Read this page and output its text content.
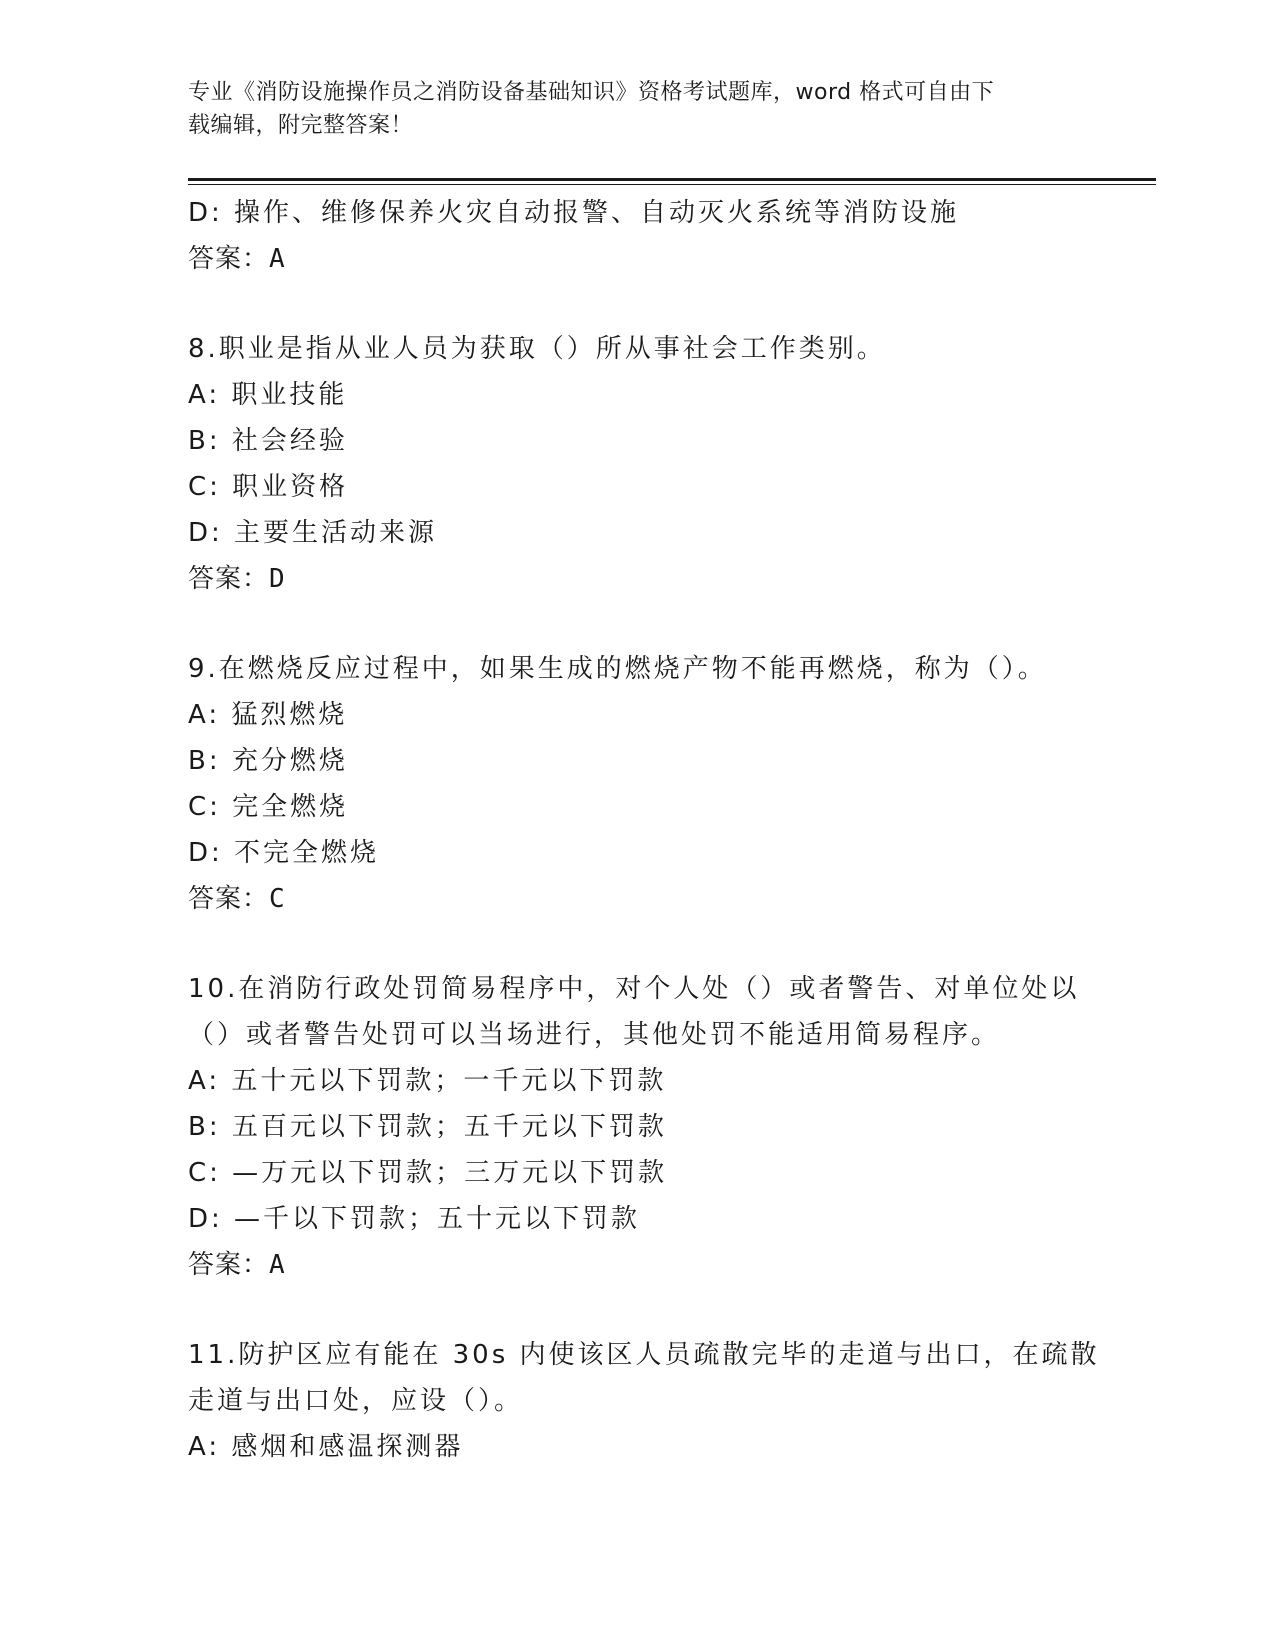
专业《消防设施操作员之消防设备基础知识》资格考试题库，word 格式可自由下
载编辑，附完整答案！
D: 操作、维修保养火灾自动报警、自动灭火系统等消防设施
答案：A
8.职业是指从业人员为获取（）所从事社会工作类别。
A: 职业技能
B: 社会经验
C: 职业资格
D: 主要生活动来源
答案：D
9.在燃烧反应过程中，如果生成的燃烧产物不能再燃烧，称为（）。
A: 猛烈燃烧
B: 充分燃烧
C: 完全燃烧
D: 不完全燃烧
答案：C
10.在消防行政处罚简易程序中，对个人处（）或者警告、对单位处以
（）或者警告处罚可以当场进行，其他处罚不能适用简易程序。
A: 五十元以下罚款；一千元以下罚款
B: 五百元以下罚款；五千元以下罚款
C: —万元以下罚款；三万元以下罚款
D: —千以下罚款；五十元以下罚款
答案：A
11.防护区应有能在 30s 内使该区人员疏散完毕的走道与出口，在疏散
走道与出口处，应设（）。
A: 感烟和感温探测器
